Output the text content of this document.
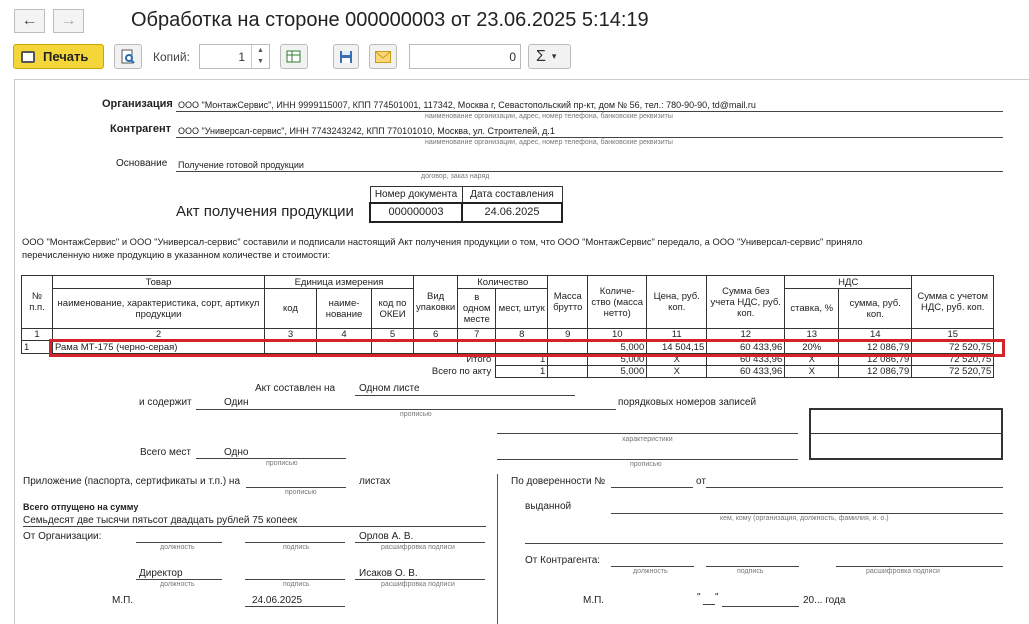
← →	Обработка на стороне 000000003 от 23.06.2025 5:14:19
Печать	Копий:	1	▲
▼	0 Σ ▾
Организация ООО "МонтажСервис", ИНН 9999115007, КПП 774501001, 117342, Москва г, Севастопольский пр-кт, дом № 56, тел.: 780-90-90, td@mail.ru
наименование организации, адрес, номер телефона, банковские реквизиты
Контрагент ООО "Универсал-сервис", ИНН 7743243242, КПП 770101010, Москва, ул. Строителей, д.1
наименование организации, адрес, номер телефона, банковские реквизиты
Основание Получение готовой продукции
договор, заказ наряд
Акт получения продукции
Номер документа	Дата составления
000000003	24.06.2025
ООО "МонтажСервис" и ООО "Универсал-сервис" составили и подписали настоящий Акт получения продукции о том, что ООО "МонтажСервис" передало, а ООО "Универсал-сервис" приняло
перечисленную ниже продукцию в указанном количестве и стоимости:
№ п.п.	Товар	Единица измерения			Вид упаковки	Количество		Масса брутто	Количе- ство (масса нетто)	Цена, руб. коп.	Сумма без учета НДС, руб. коп.	НДС		Сумма с учетом НДС, руб. коп.
	наименование, характеристика, сорт, артикул продукции	код	наиме- нование	код по ОКЕИ		в одном месте	мест, штук					ставка, %	сумма, руб. коп.	
1	2	3	4	5	6	7	8	9	10	11	12	13	14	15
1	Рама МТ-175 (черно-серая)								5,000	14 504,15	60 433,96	20%	12 086,79	72 520,75
			Итого				1		5,000	X	60 433,96	X	12 086,79	72 520,75
			Всего по акту				1		5,000	X	60 433,96	X	12 086,79	72 520,75
Акт составлен на Одном листе
и содержит	Один
прописью
порядковых номеров записей
характеристики
прописью
Всего мест	Одно
прописью
Приложение (паспорта, сертификаты и т.п.) на
прописью
листах
Всего отпущено на сумму
Семьдесят две тысячи пятьсот двадцать рублей 75 копеек
От Организации:	Орлов А. В.
должность	подпись	расшифровка подписи
Директор	Исаков О. В.
должность	подпись	расшифровка подписи
М.П.	24.06.2025
По доверенности №	от
выданной
кем, кому (организация, должность, фамилия, и. о.)
От Контрагента:
должность	подпись	расшифровка подписи
М.П.	" "	20... года
